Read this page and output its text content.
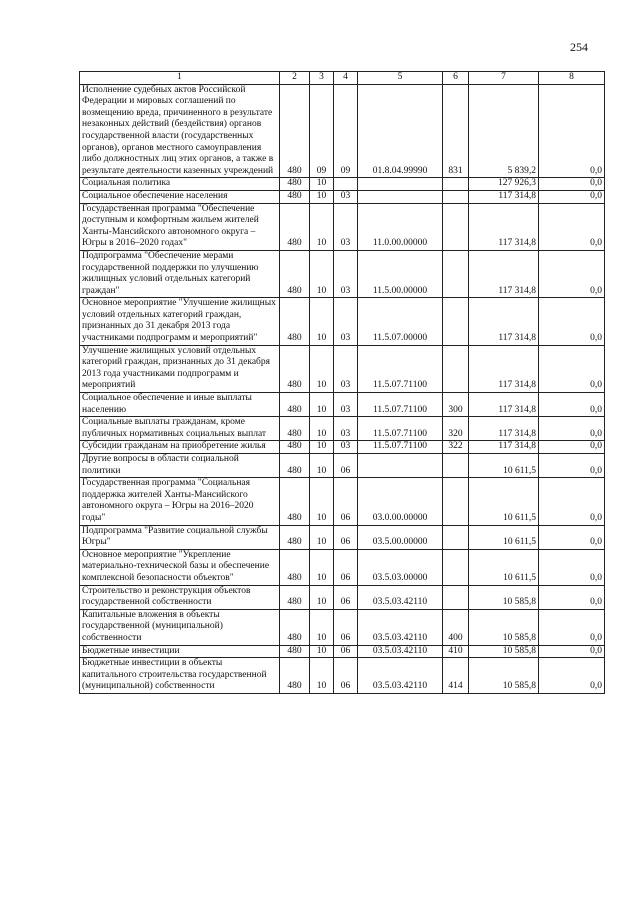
254
1	2	3	4	5	6	7	8
Исполнение судебных актов Российской Федерации и мировых соглашений по возмещению вреда, причиненного в результате незаконных действий (бездействия) органов государственной власти (государственных органов), органов местного самоуправления либо должностных лиц этих органов, а также в результате деятельности казенных учреждений	480	09	09	01.8.04.99990	831	5 839,2	0,0
Социальная политика	480	10				127 926,3	0,0
Социальное обеспечение населения	480	10	03			117 314,8	0,0
Государственная программа "Обеспечение доступным и комфортным жильем жителей Ханты-Мансийского автономного округа – Югры в 2016–2020 годах"	480	10	03	11.0.00.00000		117 314,8	0,0
Подпрограмма "Обеспечение мерами государственной поддержки по улучшению жилищных условий отдельных категорий граждан"	480	10	03	11.5.00.00000		117 314,8	0,0
Основное мероприятие "Улучшение жилищных условий отдельных категорий граждан, признанных до 31 декабря 2013 года участниками подпрограмм и мероприятий"	480	10	03	11.5.07.00000		117 314,8	0,0
Улучшение жилищных условий отдельных категорий граждан, признанных до 31 декабря 2013 года участниками подпрограмм и мероприятий	480	10	03	11.5.07.71100		117 314,8	0,0
Социальное обеспечение и иные выплаты населению	480	10	03	11.5.07.71100	300	117 314,8	0,0
Социальные выплаты гражданам, кроме публичных нормативных социальных выплат	480	10	03	11.5.07.71100	320	117 314,8	0,0
Субсидии гражданам на приобретение жилья	480	10	03	11.5.07.71100	322	117 314,8	0,0
Другие вопросы в области социальной политики	480	10	06			10 611,5	0,0
Государственная программа "Социальная поддержка жителей Ханты-Мансийского автономного округа – Югры на 2016–2020 годы"	480	10	06	03.0.00.00000		10 611,5	0,0
Подпрограмма "Развитие социальной службы Югры"	480	10	06	03.5.00.00000		10 611,5	0,0
Основное мероприятие "Укрепление материально-технической базы и обеспечение комплексной безопасности объектов"	480	10	06	03.5.03.00000		10 611,5	0,0
Строительство и реконструкция объектов государственной собственности	480	10	06	03.5.03.42110		10 585,8	0,0
Капитальные вложения в объекты государственной (муниципальной) собственности	480	10	06	03.5.03.42110	400	10 585,8	0,0
Бюджетные инвестиции	480	10	06	03.5.03.42110	410	10 585,8	0,0
Бюджетные инвестиции в объекты капитального строительства государственной (муниципальной) собственности	480	10	06	03.5.03.42110	414	10 585,8	0,0
